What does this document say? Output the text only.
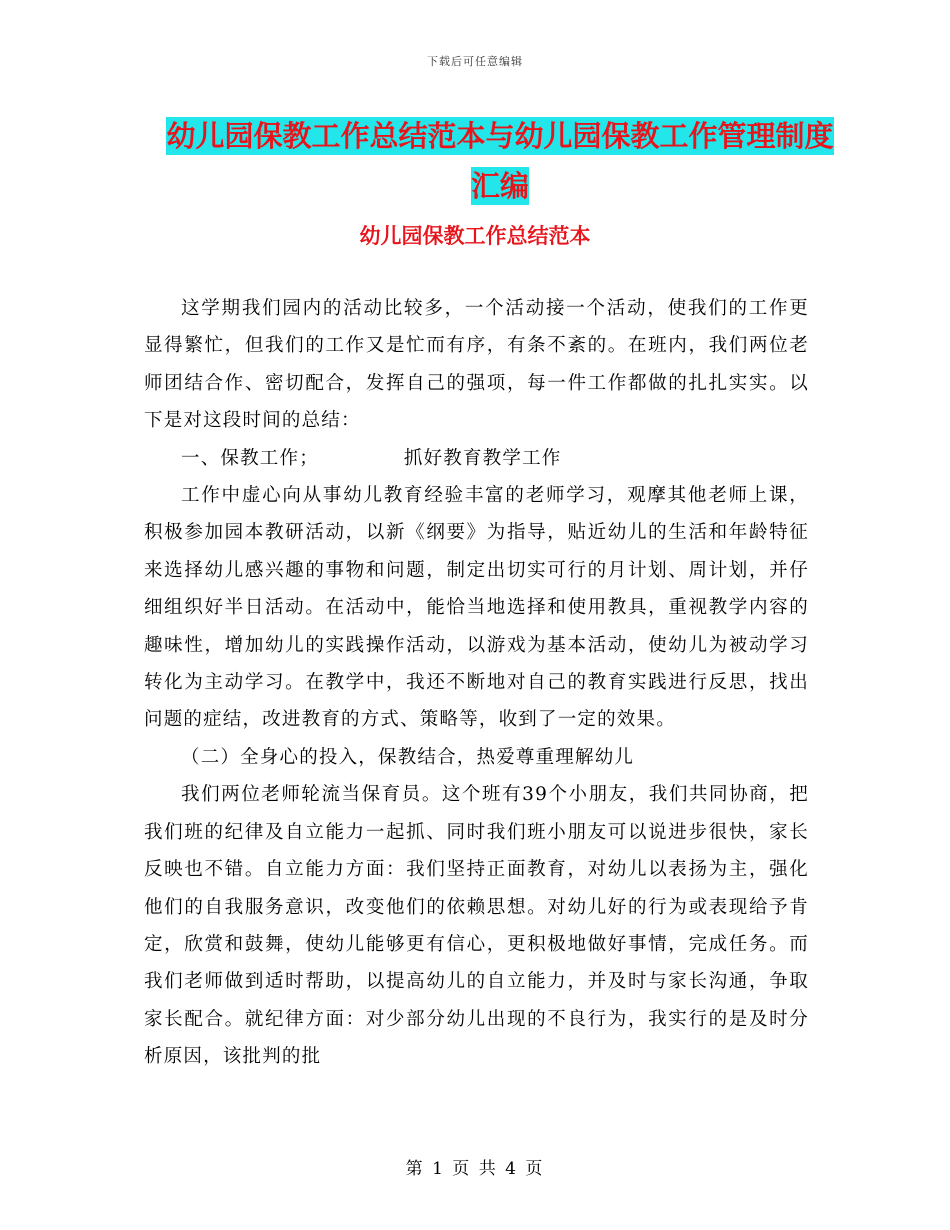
下载后可任意编辑
幼儿园保教工作总结范本与幼儿园保教工作管理制度
汇编
幼儿园保教工作总结范本

这学期我们园内的活动比较多，一个活动接一个活动，使我们的工作更显得繁忙，但我们的工作又是忙而有序，有条不紊的。在班内，我们两位老师团结合作、密切配合，发挥自己的强项，每一件工作都做的扎扎实实。以下是对这段时间的总结：

一、保教工作；            抓好教育教学工作

工作中虚心向从事幼儿教育经验丰富的老师学习，观摩其他老师上课，积极参加园本教研活动，以新《纲要》为指导，贴近幼儿的生活和年龄特征来选择幼儿感兴趣的事物和问题，制定出切实可行的月计划、周计划，并仔细组织好半日活动。在活动中，能恰当地选择和使用教具，重视教学内容的趣味性，增加幼儿的实践操作活动，以游戏为基本活动，使幼儿为被动学习转化为主动学习。在教学中，我还不断地对自己的教育实践进行反思，找出问题的症结，改进教育的方式、策略等，收到了一定的效果。

（二）全身心的投入，保教结合，热爱尊重理解幼儿

我们两位老师轮流当保育员。这个班有39个小朋友，我们共同协商，把我们班的纪律及自立能力一起抓、同时我们班小朋友可以说进步很快，家长反映也不错。自立能力方面：我们坚持正面教育，对幼儿以表扬为主，强化他们的自我服务意识，改变他们的依赖思想。对幼儿好的行为或表现给予肯定，欣赏和鼓舞，使幼儿能够更有信心，更积极地做好事情，完成任务。而我们老师做到适时帮助，以提高幼儿的自立能力，并及时与家长沟通，争取家长配合。就纪律方面：对少部分幼儿出现的不良行为，我实行的是及时分析原因，该批判的批

第 1 页 共 4 页
